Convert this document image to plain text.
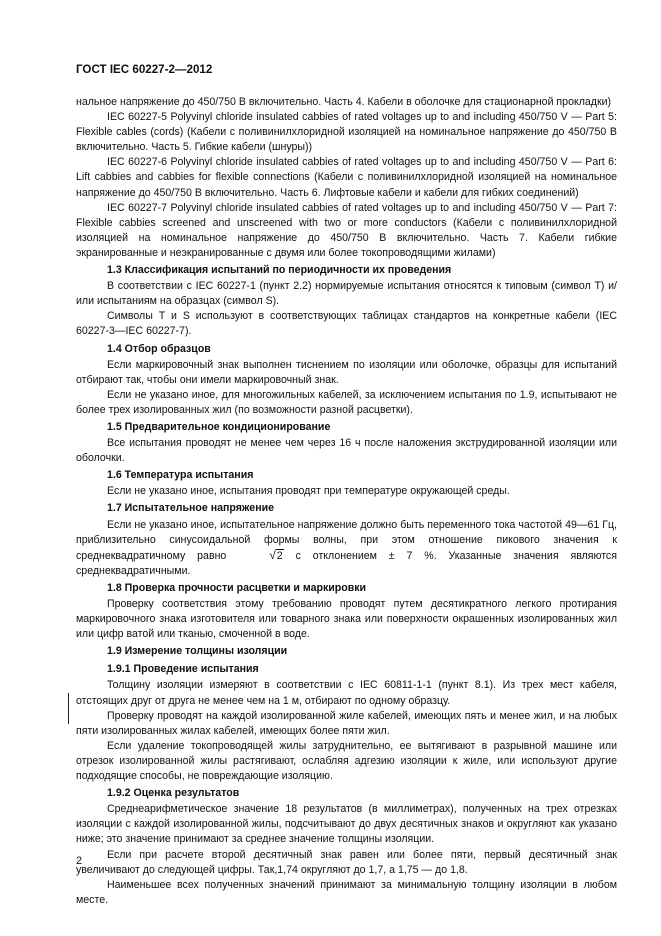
ГОСТ IEC 60227-2—2012

нальное напряжение до 450/750 В включительно. Часть 4. Кабели в оболочке для стационарной прокладки)

IEC 60227-5 Polyvinyl chloride insulated cabbies of rated voltages up to and including 450/750 V — Part 5: Flexible cables (cords) (Кабели с поливинилхлоридной изоляцией на номинальное напряжение до 450/750 В включительно. Часть 5. Гибкие кабели (шнуры))

IEC 60227-6 Polyvinyl chloride insulated cabbies of rated voltages up to and including 450/750 V — Part 6: Lift cabbies and cabbies for flexible connections (Кабели с поливинилхлоридной изоляцией на номинальное напряжение до 450/750 В включительно. Часть 6. Лифтовые кабели и кабели для гибких соединений)

IEC 60227-7 Polyvinyl chloride insulated cabbies of rated voltages up to and including 450/750 V — Part 7: Flexible cabbies screened and unscreened with two or more conductors (Кабели с поливинилхлоридной изоляцией на номинальное напряжение до 450/750 В включительно. Часть 7. Кабели гибкие экранированные и неэкранированные с двумя или более токопроводящими жилами)

1.3 Классификация испытаний по периодичности их проведения

В соответствии с IEC 60227-1 (пункт 2.2) нормируемые испытания относятся к типовым (символ Т) и/или испытаниям на образцах (символ S).

Символы Т и S используют в соответствующих таблицах стандартов на конкретные кабели (IEC 60227-3—IEC 60227-7).

1.4 Отбор образцов

Если маркировочный знак выполнен тиснением по изоляции или оболочке, образцы для испытаний отбирают так, чтобы они имели маркировочный знак.

Если не указано иное, для многожильных кабелей, за исключением испытания по 1.9, испытывают не более трех изолированных жил (по возможности разной расцветки).

1.5 Предварительное кондиционирование

Все испытания проводят не менее чем через 16 ч после наложения экструдированной изоляции или оболочки.

1.6 Температура испытания

Если не указано иное, испытания проводят при температуре окружающей среды.

1.7 Испытательное напряжение

Если не указано иное, испытательное напряжение должно быть переменного тока частотой 49—61 Гц, приблизительно синусоидальной формы волны, при этом отношение пикового значения к среднеквадратичному равно	√2 с отклонением ± 7 %. Указанные значения являются среднеквадратичными.

1.8 Проверка прочности расцветки и маркировки

Проверку соответствия этому требованию проводят путем десятикратного легкого протирания маркировочного знака изготовителя или товарного знака или поверхности окрашенных изолированных жил или цифр ватой или тканью, смоченной в воде.

1.9 Измерение толщины изоляции

1.9.1 Проведение испытания

Толщину изоляции измеряют в соответствии с IEC 60811-1-1 (пункт 8.1). Из трех мест кабеля, отстоящих друг от друга не менее чем на 1 м, отбирают по одному образцу.

Проверку проводят на каждой изолированной жиле кабелей, имеющих пять и менее жил, и на любых пяти изолированных жилах кабелей, имеющих более пяти жил.

Если удаление токопроводящей жилы затруднительно, ее вытягивают в разрывной машине или отрезок изолированной жилы растягивают, ослабляя адгезию изоляции к жиле, или используют другие подходящие способы, не повреждающие изоляцию.

1.9.2 Оценка результатов

Среднеарифметическое значение 18 результатов (в миллиметрах), полученных на трех отрезках изоляции с каждой изолированной жилы, подсчитывают до двух десятичных знаков и округляют как указано ниже; это значение принимают за среднее значение толщины изоляции.

Если при расчете второй десятичный знак равен или более пяти, первый десятичный знак увеличивают до следующей цифры. Так,1,74 округляют до 1,7, а 1,75 — до 1,8.

Наименьшее всех полученных значений принимают за минимальную толщину изоляции в любом месте.

2
